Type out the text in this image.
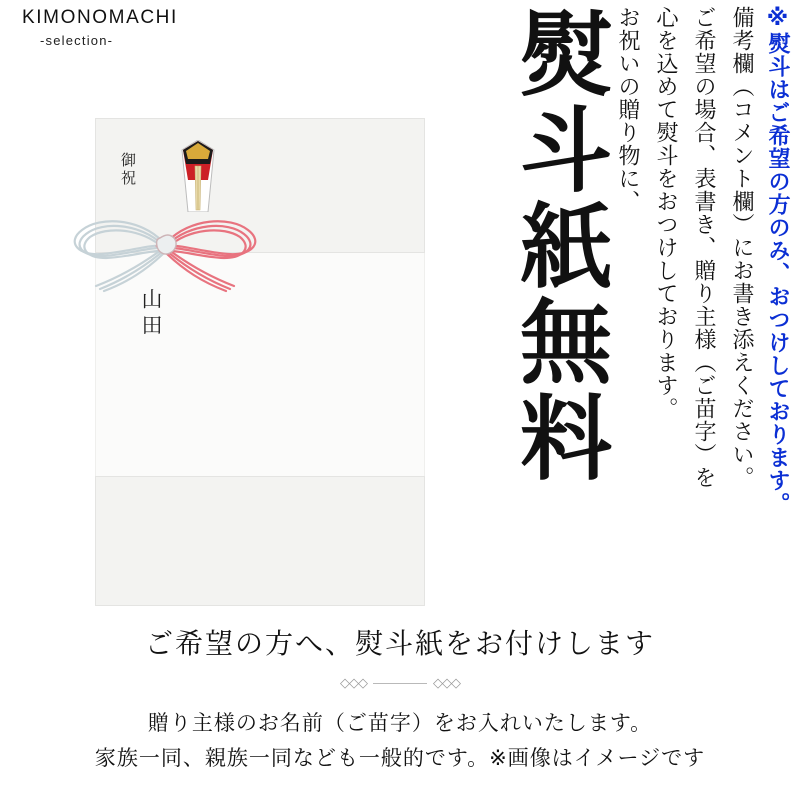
KIMONOMACHI
-selection-	熨斗紙無料 お祝いの贈り物に、 心を込めて熨斗をおつけしております。 ご希望の場合、表書き、贈り主様（ご苗字）を 備考欄（コメント欄）にお書き添えください。 ※熨斗はご希望の方のみ、おつけしております。
御祝
山田
ご希望の方へ、熨斗紙をお付けします
◇◇◇	◇◇◇
贈り主様のお名前（ご苗字）をお入れいたします。
家族一同、親族一同なども一般的です。※画像はイメージです
